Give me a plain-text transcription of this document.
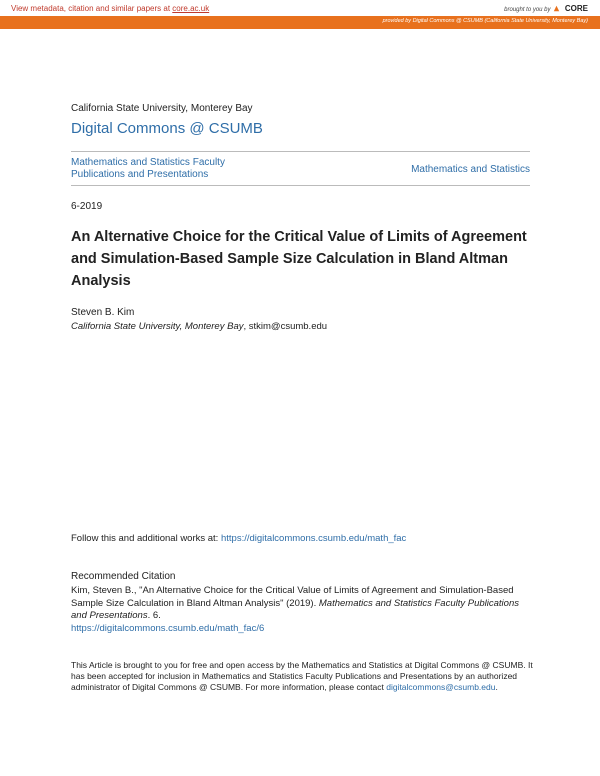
View metadata, citation and similar papers at core.ac.uk	brought to you by CORE
provided by Digital Commons @ CSUMB (California State University, Monterey Bay)
California State University, Monterey Bay
Digital Commons @ CSUMB
Mathematics and Statistics Faculty
Publications and Presentations	Mathematics and Statistics
6-2019
An Alternative Choice for the Critical Value of Limits of Agreement and Simulation-Based Sample Size Calculation in Bland Altman Analysis
Steven B. Kim
California State University, Monterey Bay, stkim@csumb.edu
Follow this and additional works at: https://digitalcommons.csumb.edu/math_fac
Recommended Citation
Kim, Steven B., "An Alternative Choice for the Critical Value of Limits of Agreement and Simulation-Based Sample Size Calculation in Bland Altman Analysis" (2019). Mathematics and Statistics Faculty Publications and Presentations. 6.
https://digitalcommons.csumb.edu/math_fac/6
This Article is brought to you for free and open access by the Mathematics and Statistics at Digital Commons @ CSUMB. It has been accepted for inclusion in Mathematics and Statistics Faculty Publications and Presentations by an authorized administrator of Digital Commons @ CSUMB. For more information, please contact digitalcommons@csumb.edu.
